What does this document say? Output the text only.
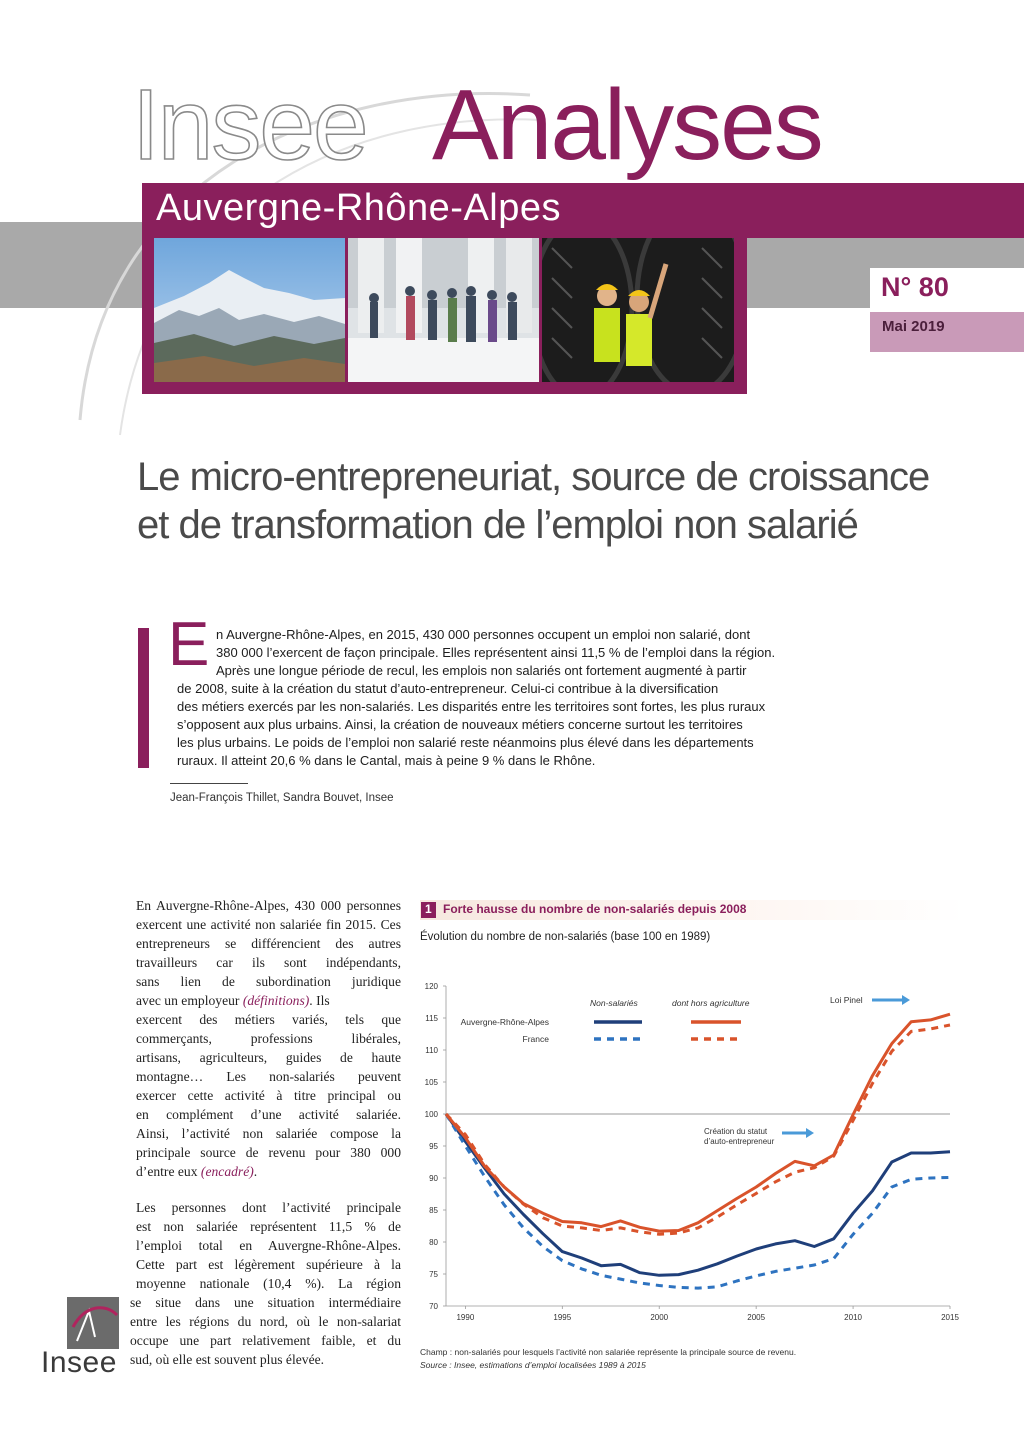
Insee Analyses
Auvergne-Rhône-Alpes
N° 80
Mai 2019
Le micro-entrepreneuriat, source de croissance
et de transformation de l’emploi non salarié
E n Auvergne-Rhône-Alpes, en 2015, 430 000 personnes occupent un emploi non salarié, dont
380 000 l’exercent de façon principale. Elles représentent ainsi 11,5 % de l’emploi dans la région.
Après une longue période de recul, les emplois non salariés ont fortement augmenté à partir
de 2008, suite à la création du statut d’auto-entrepreneur. Celui-ci contribue à la diversification
des métiers exercés par les non-salariés. Les disparités entre les territoires sont fortes, les plus ruraux
s’opposent aux plus urbains. Ainsi, la création de nouveaux métiers concerne surtout les territoires
les plus urbains. Le poids de l’emploi non salarié reste néanmoins plus élevé dans les départements
ruraux. Il atteint 20,6 % dans le Cantal, mais à peine 9 % dans le Rhône.
Jean-François Thillet, Sandra Bouvet, Insee
En Auvergne-Rhône-Alpes, 430 000 personnes
exercent une activité non salariée fin 2015. Ces
entrepreneurs se différencient des autres
travailleurs car ils sont indépendants,
sans lien de subordination juridique
avec un employeur (définitions). Ils
exercent des métiers variés, tels que
commerçants, professions libérales,
artisans, agriculteurs, guides de haute
montagne… Les non-salariés peuvent
exercer cette activité à titre principal ou
en complément d’une activité salariée.
Ainsi, l’activité non salariée compose la
principale source de revenu pour 380 000
d’entre eux (encadré).
Les personnes dont l’activité principale
est non salariée représentent 11,5 % de
l’emploi total en Auvergne-Rhône-Alpes.
Cette part est légèrement supérieure à la
moyenne nationale (10,4 %). La région
se situe dans une situation intermédiaire
entre les régions du nord, où le non-salariat
occupe une part relativement faible, et du
sud, où elle est souvent plus élevée.
1 Forte hausse du nombre de non-salariés depuis 2008
Évolution du nombre de non-salariés (base 100 en 1989)
70
75
80
85
90
95
100
105
110
115
120
1990	1995	2000	2005	2010	2015
Non-salariés	dont hors agriculture
Auvergne-Rhône-Alpes
France
Loi Pinel
Création du statut
d’auto-entrepreneur
Champ : non-salariés pour lesquels l’activité non salariée représente la principale source de revenu.
Source : Insee, estimations d’emploi localisées 1989 à 2015
Insee
